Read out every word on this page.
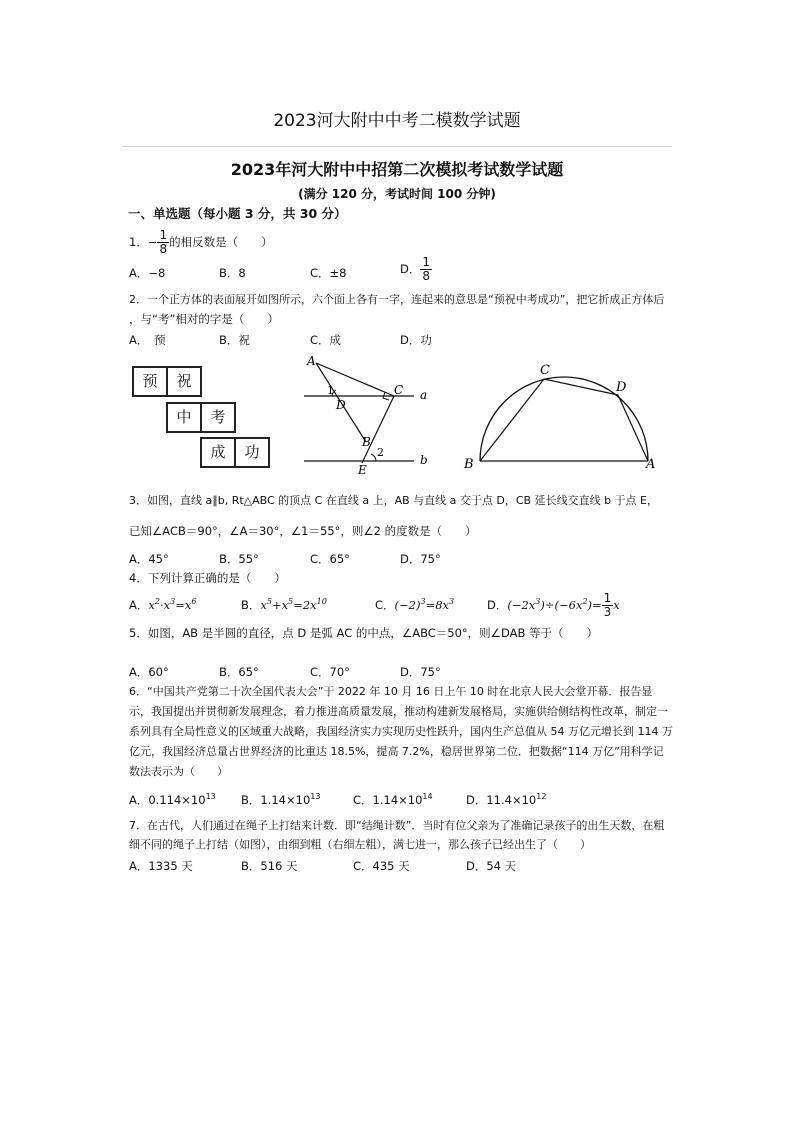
2023河大附中中考二模数学试题
2023年河大附中中招第二次模拟考试数学试题
(满分 120 分，考试时间 100 分钟)
一、单选题（每小题 3 分，共 30 分）
1．− $\frac{1}{8}$ 的相反数是（　　）
A．−8	B．8	C．±8	D． $\frac{1}{8}$
2．一个正方体的表面展开如图所示，六个面上各有一字，连起来的意思是“预祝中考成功”，把它折成正方体后
，与“考”相对的字是（　　）
A．　预	B．祝	C．成	D．功
预	祝
中	考
成	功
A
1
D
C a
B
2
b
E
C
D
B	A
3．如图，直线 a∥b, Rt△ABC 的顶点 C 在直线 a 上，AB 与直线 a 交于点 D，CB 延长线交直线 b 于点 E，
已知∠ACB＝90°，∠A＝30°，∠1＝55°，则∠2 的度数是（　　）
A．45°	B．55°	C．65°	D．75°
4．下列计算正确的是（　　）
A．$x^2\cdot x^3=x^6$	B．$x^5+x^5=2x^{10}$	C．$(-2)^3=8x^3$	D．$(-2x^3)\div(-6x^2)= \frac{1}{3}$ x
5．如图，AB 是半圆的直径，点 D 是弧 AC 的中点，∠ABC＝50°，则∠DAB 等于（　　）
A．60°	B．65°	C．70°	D．75°
6．“中国共产党第二十次全国代表大会”于 2022 年 10 月 16 日上午 10 时在北京人民大会堂开幕．报告显示，我国提出并贯彻新发展理念，着力推进高质量发展，推动构建新发展格局，实施供给侧结构性改革，制定一系列具有全局性意义的区域重大战略，我国经济实力实现历史性跃升，国内生产总值从 54 万亿元增长到 114 万亿元，我国经济总量占世界经济的比重达 18.5%，提高 7.2%，稳居世界第二位．把数据“114 万亿”用科学记数法表示为（　　）
A．$0.114\times 10^{13}$ B．$1.14\times 10^{13}$	C．$1.14\times 10^{14}$	D．$11.4\times 10^{12}$
7．在古代，人们通过在绳子上打结来计数．即“结绳计数”．当时有位父亲为了准确记录孩子的出生天数，在粗细不同的绳子上打结（如图），由细到粗（右细左粗），满七进一，那么孩子已经出生了（　　）
A．1335 天	B．516 天	C．435 天	D．54 天
